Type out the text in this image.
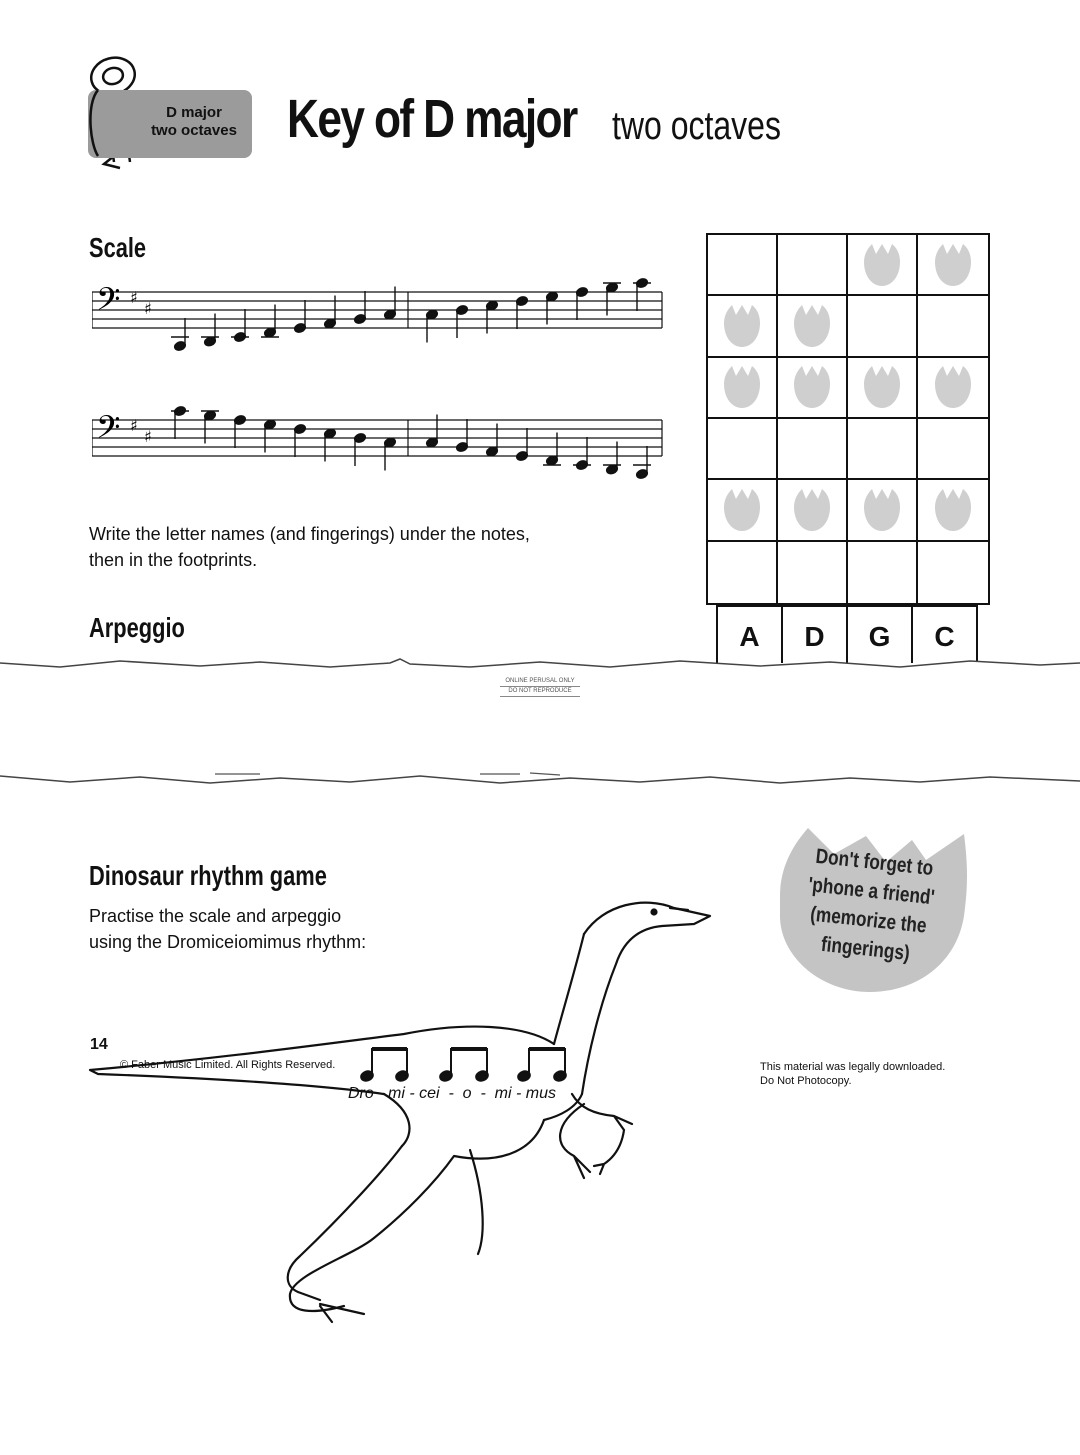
D major
two octaves Key of D major two octaves
Scale
𝄢 ♯
♯
𝄢 ♯
♯
Write the letter names (and fingerings) under the notes,
then in the footprints.
A	D	G	C
Arpeggio
ONLINE PERUSAL ONLY
DO NOT REPRODUCE
Don't forget to
'phone a friend'
(memorize the
fingerings)
Dinosaur rhythm game
Practise the scale and arpeggio
using the Dromiceiomimus rhythm:
Dro - mi - cei  -  o  -  mi - mus
14
© Faber Music Limited. All Rights Reserved.	This material was legally downloaded.
Do Not Photocopy.
